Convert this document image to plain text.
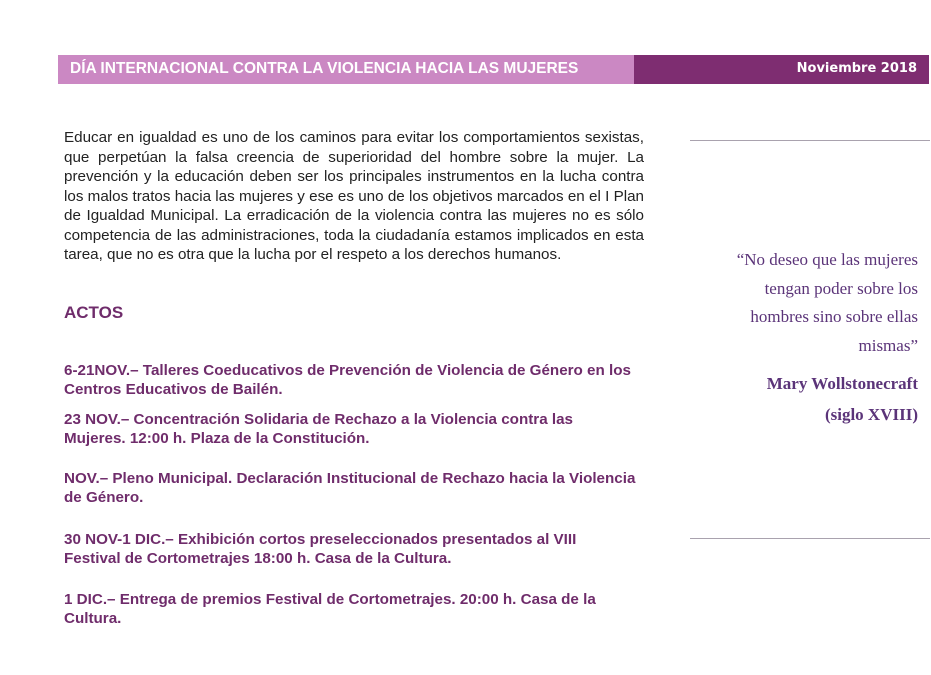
DÍA INTERNACIONAL CONTRA LA VIOLENCIA HACIA LAS MUJERES	Noviembre 2018

Educar en igualdad es uno de los caminos para evitar los comportamientos sexistas, que perpetúan la falsa creencia de superioridad del hombre sobre la mujer. La prevención y la educación deben ser los principales instrumentos en la lucha contra los malos tratos hacia las mujeres y ese es uno de los objetivos marcados en el I Plan de Igualdad Municipal. La erradicación de la violencia contra las mujeres no es sólo competencia de las administraciones, toda la ciudadanía estamos implicados en esta tarea, que no es otra que la lucha por el respeto a los derechos humanos.

ACTOS
6-21NOV.– Talleres Coeducativos de Prevención de Violencia de Género en los Centros Educativos de Bailén.
23 NOV.– Concentración Solidaria de Rechazo a la Violencia contra las Mujeres. 12:00 h. Plaza de la Constitución.
NOV.– Pleno Municipal. Declaración Institucional de Rechazo hacia la Violencia de Género.
30 NOV-1 DIC.– Exhibición cortos preseleccionados presentados al VIII Festival de Cortometrajes 18:00 h. Casa de la Cultura.
1 DIC.– Entrega de premios Festival de Cortometrajes. 20:00 h. Casa de la Cultura.
“No deseo que las mujeres
tengan poder sobre los
hombres sino sobre ellas
mismas”
Mary Wollstonecraft
(siglo XVIII)
